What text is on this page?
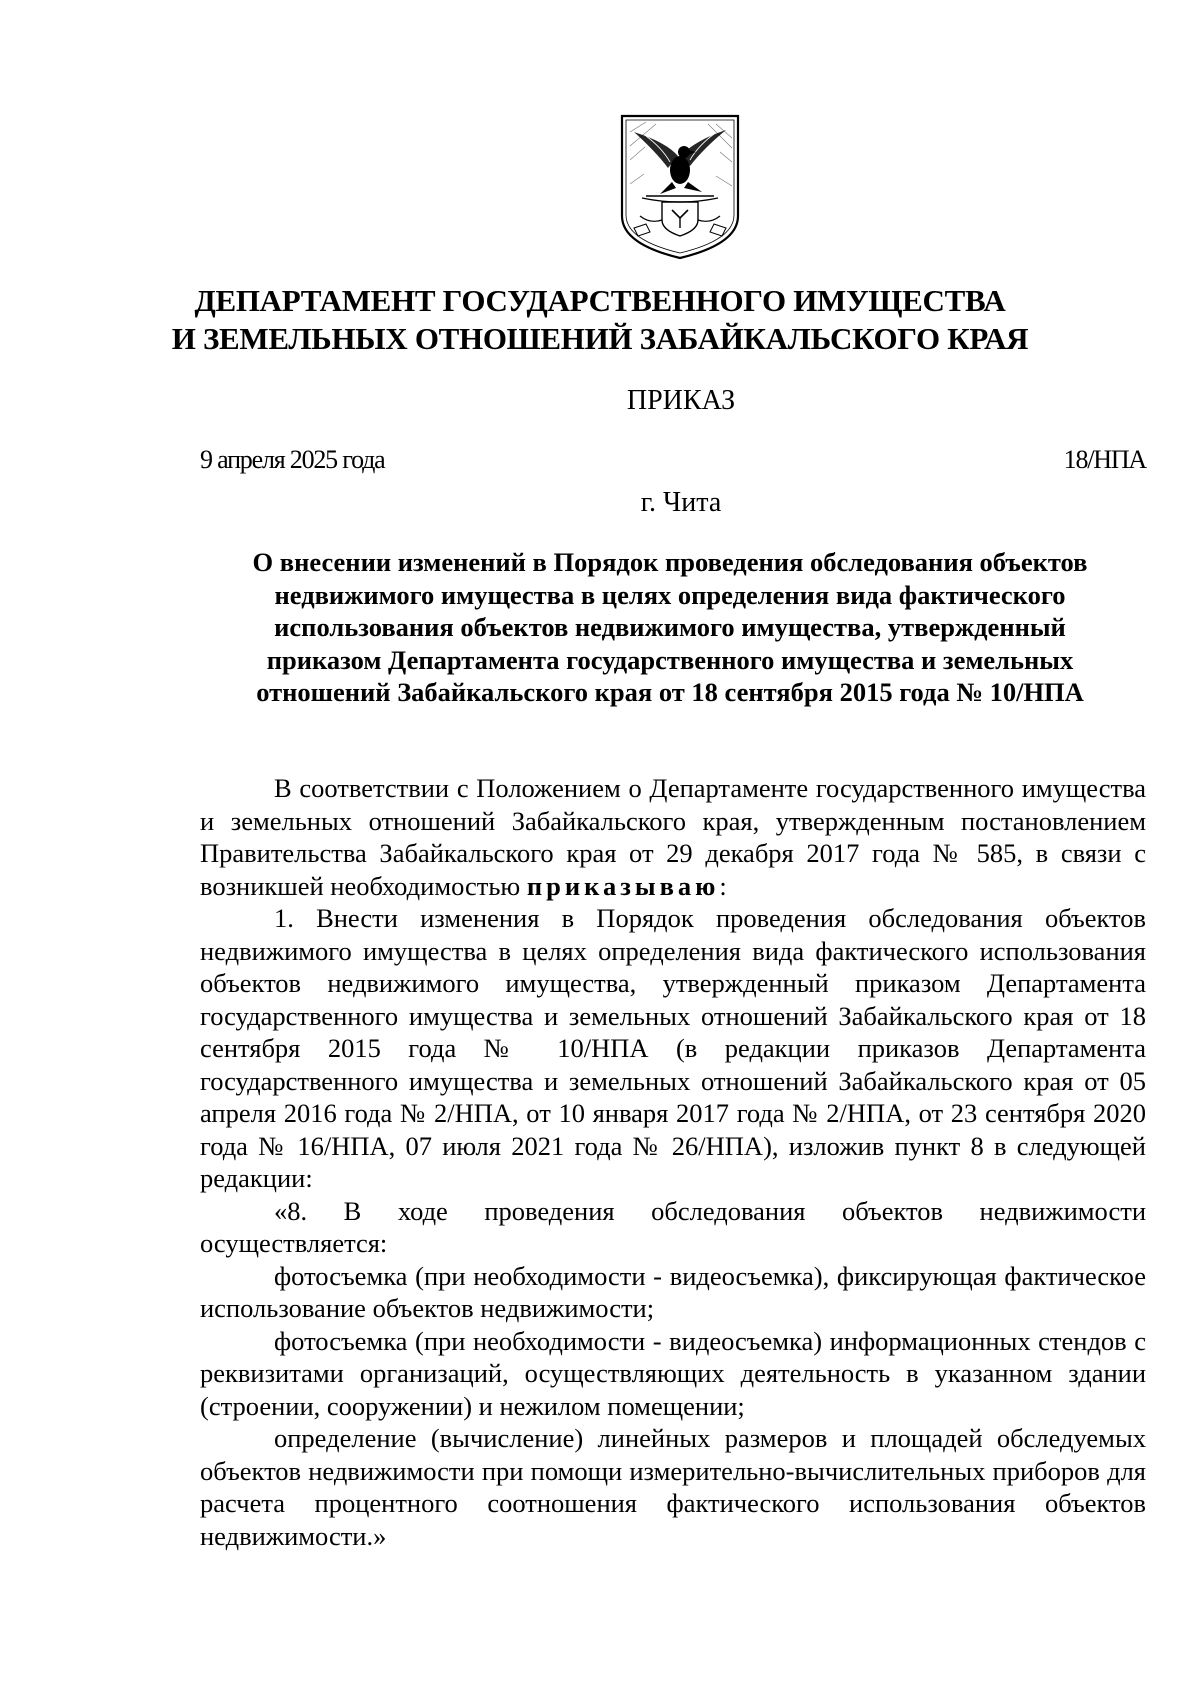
ДЕПАРТАМЕНТ ГОСУДАРСТВЕННОГО ИМУЩЕСТВА
И ЗЕМЕЛЬНЫХ ОТНОШЕНИЙ ЗАБАЙКАЛЬСКОГО КРАЯ
ПРИКАЗ
9 апреля 2025 года	18/НПА
г. Чита
О внесении изменений в Порядок проведения обследования объектов
недвижимого имущества в целях определения вида фактического
использования объектов недвижимого имущества, утвержденный
приказом Департамента государственного имущества и земельных
отношений Забайкальского края от 18 сентября 2015 года № 10/НПА

В соответствии с Положением о Департаменте государственного имущества и земельных отношений Забайкальского края, утвержденным постановлением Правительства Забайкальского края от 29 декабря 2017 года № 585, в связи с возникшей необходимостью приказываю:

1. Внести изменения в Порядок проведения обследования объектов недвижимого имущества в целях определения вида фактического использования объектов недвижимого имущества, утвержденный приказом Департамента государственного имущества и земельных отношений Забайкальского края от 18 сентября 2015 года № 10/НПА (в редакции приказов Департамента государственного имущества и земельных отношений Забайкальского края от 05 апреля 2016 года № 2/НПА, от 10 января 2017 года № 2/НПА, от 23 сентября 2020 года № 16/НПА, 07 июля 2021 года № 26/НПА), изложив пункт 8 в следующей редакции:

«8. В ходе проведения обследования объектов недвижимости осуществляется:

фотосъемка (при необходимости - видеосъемка), фиксирующая фактическое использование объектов недвижимости;

фотосъемка (при необходимости - видеосъемка) информационных стендов с реквизитами организаций, осуществляющих деятельность в указанном здании (строении, сооружении) и нежилом помещении;

определение (вычисление) линейных размеров и площадей обследуемых объектов недвижимости при помощи измерительно-вычислительных приборов для расчета процентного соотношения фактического использования объектов недвижимости.»
